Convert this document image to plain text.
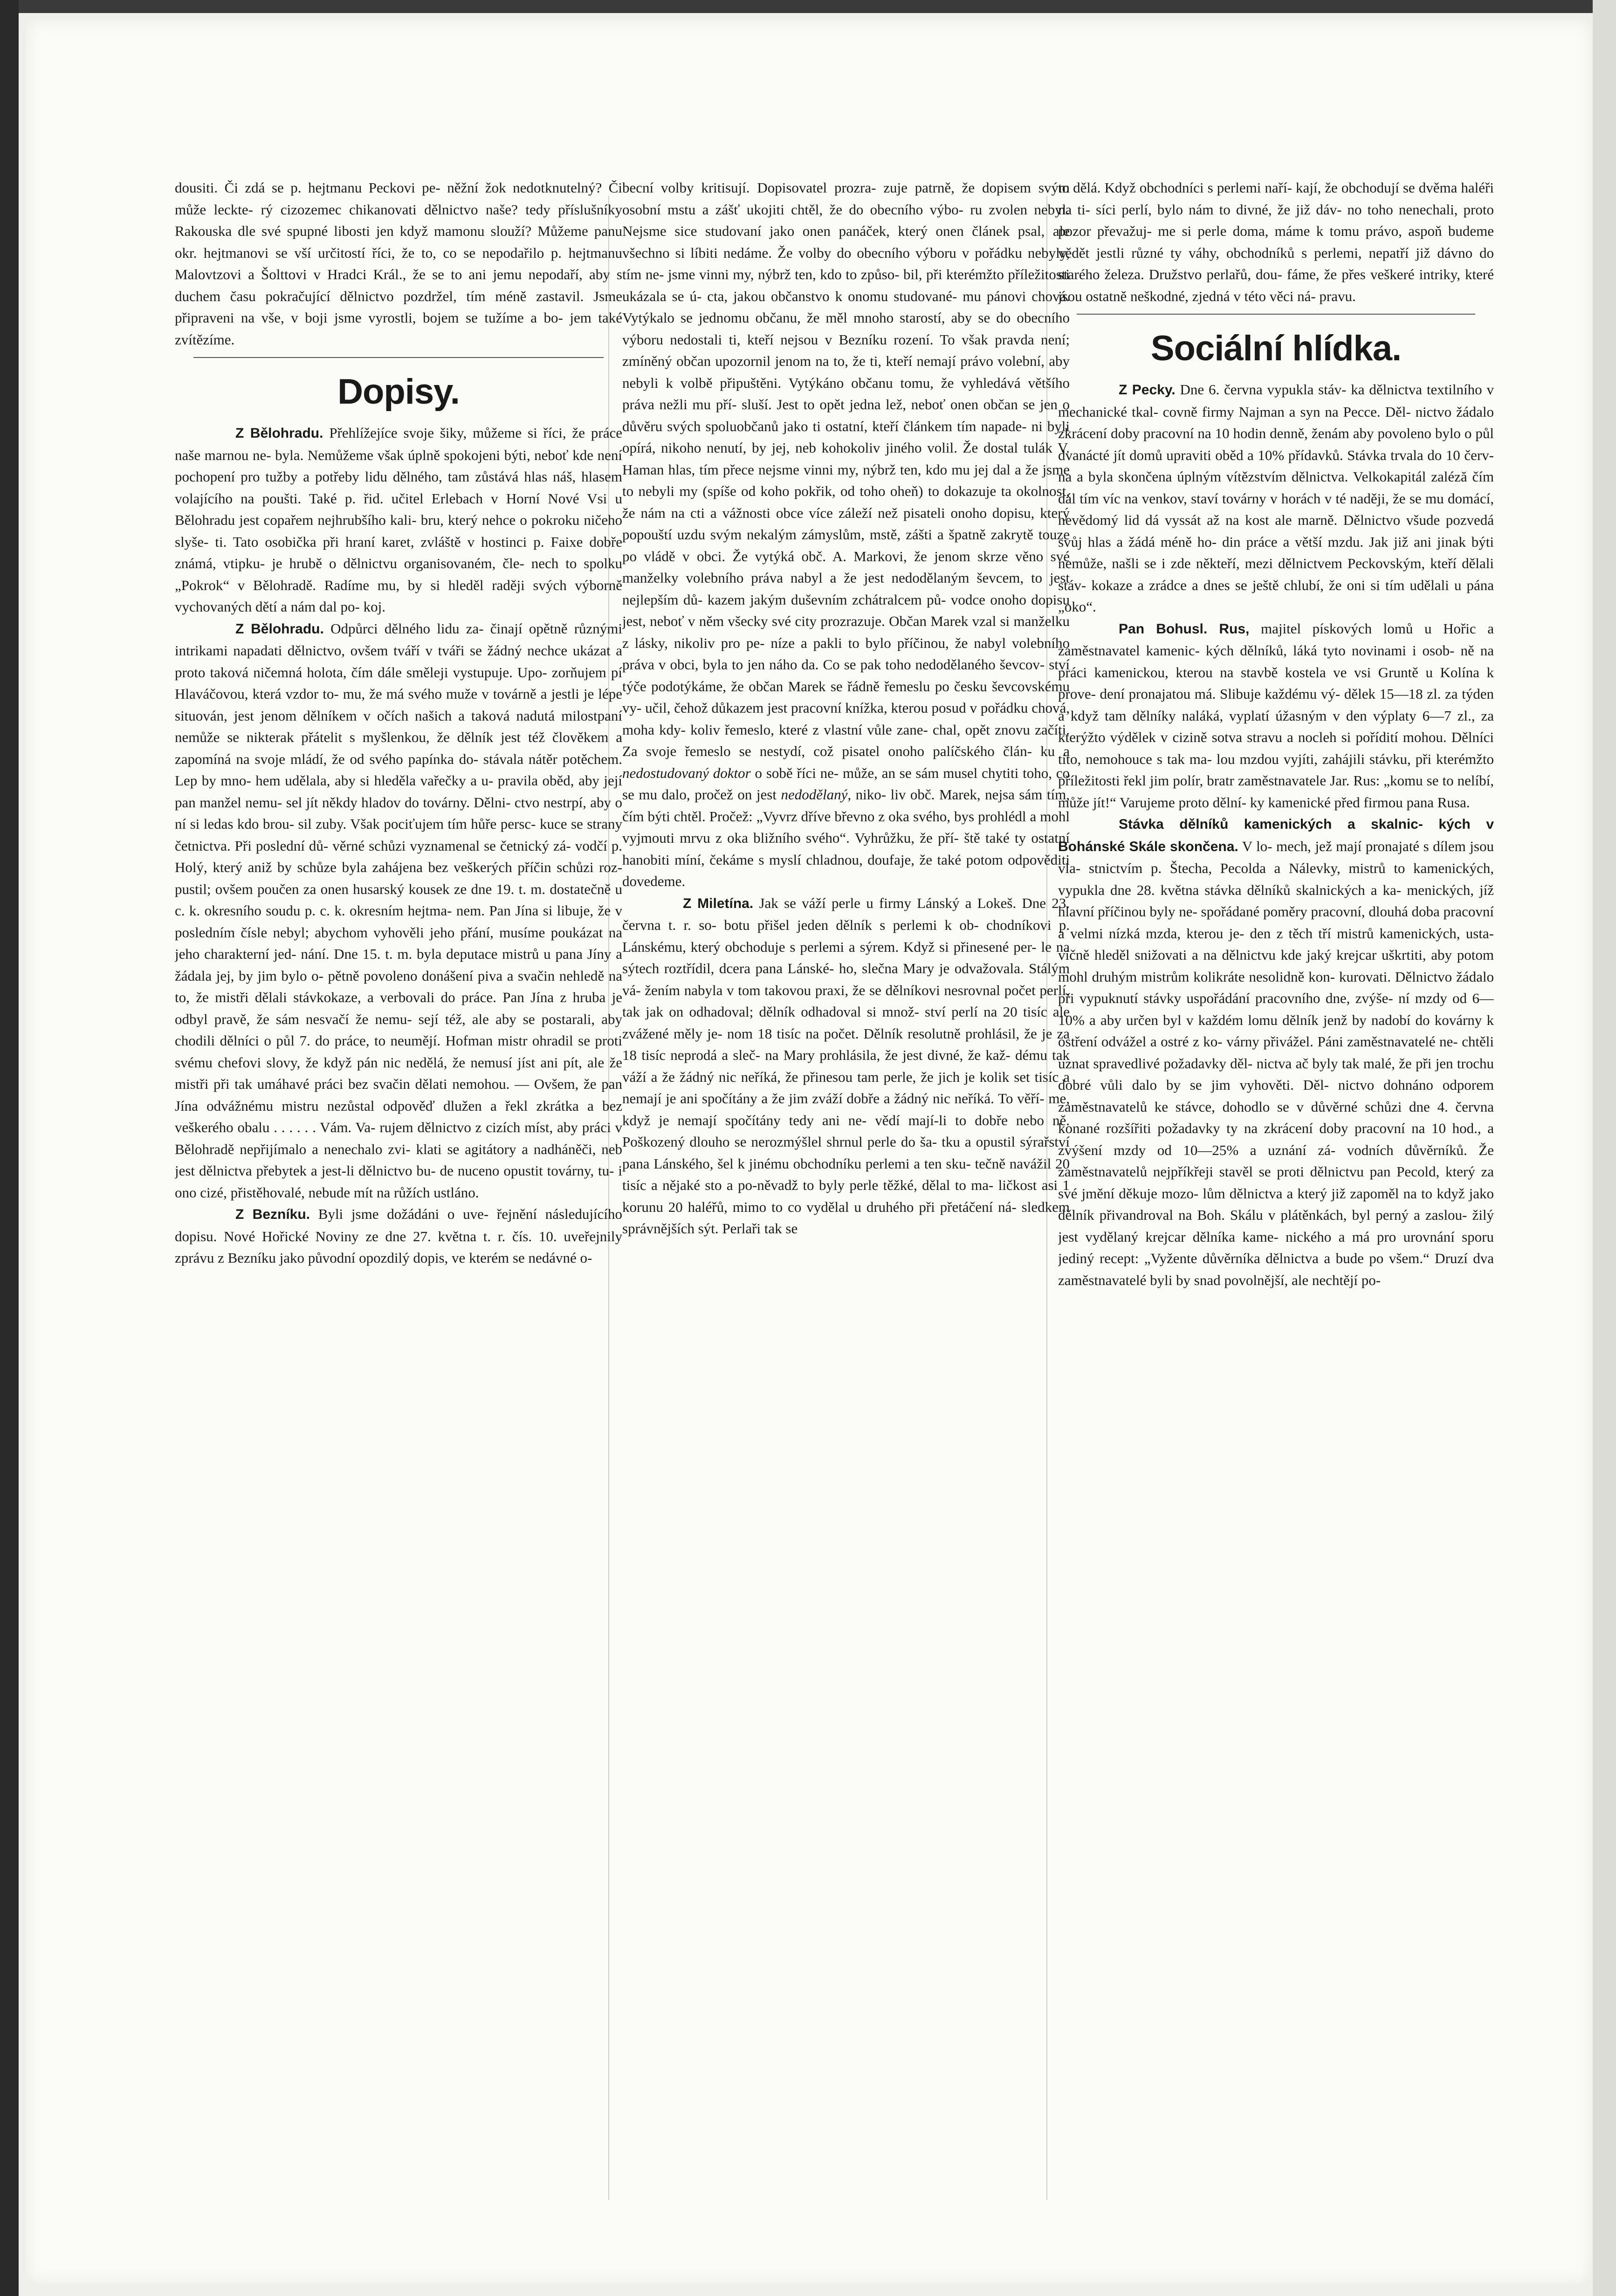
dousiti. Či zdá se p. hejtmanu Peckovi pe- něžní žok nedotknutelný? Či může leckte- rý cizozemec chikanovati dělnictvo naše? tedy příslušníky Rakouska dle své spupné libosti jen když mamonu slouží? Můžeme panu okr. hejtmanovi se vší určitostí říci, že to, co se nepodařilo p. hejtmanu Malovtzovi a Šolttovi v Hradci Král., že se to ani jemu nepodaří, aby s duchem času pokračující dělnictvo pozdržel, tím méně zastavil. Jsme připraveni na vše, v boji jsme vyrostli, bojem se tužíme a bo- jem také zvítězíme.

Dopisy.

Z Bělohradu. Přehlížejíce svoje šiky, můžeme si říci, že práce naše marnou ne- byla. Nemůžeme však úplně spokojeni býti, neboť kde není pochopení pro tužby a potřeby lidu dělného, tam zůstává hlas náš, hlasem volajícího na poušti. Také p. řid. učitel Erlebach v Horní Nové Vsi u Bělohradu jest copařem nejhrubšího kali- bru, který nehce o pokroku ničeho slyše- ti. Tato osobička při hraní karet, zvláště v hostinci p. Faixe dobře známá, vtipku- je hrubě o dělnictvu organisovaném, čle- nech to spolku „Pokrok“ v Bělohradě. Radíme mu, by si hleděl raději svých výborně vychovaných dětí a nám dal po- koj.

Z Bělohradu. Odpůrci dělného lidu za- činají opětně různými intrikami napadati dělnictvo, ovšem tváří v tváři se žádný nechce ukázat a proto taková ničemná holota, čím dále směleji vystupuje. Upo- zorňujem pí Hlaváčovou, která vzdor to- mu, že má svého muže v továrně a jestli je lépe situován, jest jenom dělníkem v očích našich a taková nadutá milostpaní nemůže se nikterak přátelit s myšlenkou, že dělník jest též člověkem a zapomíná na svoje mládí, že od svého papínka do- stávala nátěr potěchem. Lep by mno- hem udělala, aby si hleděla vařečky a u- pravila oběd, aby její pan manžel nemu- sel jít někdy hladov do továrny. Dělni- ctvo nestrpí, aby o ní si ledas kdo brou- sil zuby. Však pociťujem tím hůře persc- kuce se strany četnictva. Při poslední dů- věrné schůzi vyznamenal se četnický zá- vodčí p. Holý, který aniž by schůze byla zahájena bez veškerých příčin schůzi roz- pustil; ovšem poučen za onen husarský kousek ze dne 19. t. m. dostatečně u c. k. okresního soudu p. c. k. okresním hejtma- nem. Pan Jína si libuje, že v posledním čísle nebyl; abychom vyhověli jeho přání, musíme poukázat na jeho charakterní jed- nání. Dne 15. t. m. byla deputace mistrů u pana Jíny a žádala jej, by jim bylo o- pětně povoleno donášení piva a svačin nehledě na to, že mistři dělali stávkokaze, a verbovali do práce. Pan Jína z hruba je odbyl pravě, že sám nesvačí že nemu- sejí též, ale aby se postarali, aby chodili dělníci o půl 7. do práce, to neumějí. Hofman mistr ohradil se proti svému chefovi slovy, že když pán nic nedělá, že nemusí jíst ani pít, ale že mistři při tak umáhavé práci bez svačin dělati nemohou. — Ovšem, že pan Jína odvážnému mistru nezůstal odpověď dlužen a řekl zkrátka a bez veškerého obalu . . . . . . Vám. Va- rujem dělnictvo z cizích míst, aby práci v Bělohradě nepřijímalo a nenechalo zvi- klati se agitátory a nadháněči, neb jest dělnictva přebytek a jest-li dělnictvo bu- de nuceno opustit továrny, tu- i ono cizé, přistěhovalé, nebude mít na růžích ustláno.

Z Bezníku. Byli jsme dožádáni o uve- řejnění následujícího dopisu. Nové Hořické Noviny ze dne 27. května t. r. čís. 10. uveřejnily zprávu z Bezníku jako původní opozdilý dopis, ve kterém se nedávné o-

becní volby kritisují. Dopisovatel prozra- zuje patrně, že dopisem svým osobní mstu a zášť ukojiti chtěl, že do obecního výbo- ru zvolen nebyl. Nejsme sice studovaní jako onen panáček, který onen článek psal, ale všechno si líbiti nedáme. Že volby do obecního výboru v pořádku nebyly, tím ne- jsme vinni my, nýbrž ten, kdo to způso- bil, při kterémžto příležitosti ukázala se ú- cta, jakou občanstvo k onomu studované- mu pánovi chová. Vytýkalo se jednomu občanu, že měl mnoho starostí, aby se do obecního výboru nedostali ti, kteří nejsou v Bezníku rození. To však pravda není; zmíněný občan upozornil jenom na to, že ti, kteří nemají právo volební, aby nebyli k volbě připuštěni. Vytýkáno občanu tomu, že vyhledává většího práva nežli mu pří- sluší. Jest to opět jedna lež, neboť onen občan se jen o důvěru svých spoluobčanů jako ti ostatní, kteří článkem tím napade- ni byli opírá, nikoho nenutí, by jej, neb kohokoliv jiného volil. Že dostal tulák V. Haman hlas, tím přece nejsme vinni my, nýbrž ten, kdo mu jej dal a že jsme to nebyli my (spíše od koho pokřik, od toho oheň) to dokazuje ta okolnost, že nám na cti a vážnosti obce více záleží než pisateli onoho dopisu, který popouští uzdu svým nekalým zámyslům, mstě, zášti a špatně zakrytě touze po vládě v obci. Že vytýká obč. A. Markovi, že jenom skrze věno své manželky volebního práva nabyl a že jest nedodělaným ševcem, to jest nejlepším dů- kazem jakým duševním zchátralcem pů- vodce onoho dopisu jest, neboť v něm všecky své city prozrazuje. Občan Marek vzal si manželku z lásky, nikoliv pro pe- níze a pakli to bylo příčinou, že nabyl volebního práva v obci, byla to jen náho da. Co se pak toho nedodělaného ševcov- ství týče podotýkáme, že občan Marek se řádně řemeslu po česku ševcovskému vy- učil, čehož důkazem jest pracovní knížka, kterou posud v pořádku chová, moha kdy- koliv řemeslo, které z vlastní vůle zane- chal, opět znovu začíti. Za svoje řemeslo se nestydí, což pisatel onoho palíčského člán- ku a nedostudovaný doktor o sobě říci ne- může, an se sám musel chytiti toho, co se mu dalo, pročež on jest nedodělaný, niko- liv obč. Marek, nejsa sám tím, čím býti chtěl. Pročež: „Vyvrz dříve břevno z oka svého, bys prohlédl a mohl vyjmouti mrvu z oka bližního svého“. Vyhrůžku, že pří- ště také ty ostatní hanobiti míní, čekáme s myslí chladnou, doufaje, že také potom odpověditi dovedeme.

Z Miletína. Jak se váží perle u firmy Lánský a Lokeš. Dne 23. června t. r. so- botu přišel jeden dělník s perlemi k ob- chodníkovi p. Lánskému, který obchoduje s perlemi a sýrem. Když si přinesené per- le na sýtech roztřídil, dcera pana Lánské- ho, slečna Mary je odvažovala. Stálým vá- žením nabyla v tom takovou praxi, že se dělníkovi nesrovnal počet perlí, tak jak on odhadoval; dělník odhadoval si množ- ství perlí na 20 tisíc ale zvážené měly je- nom 18 tisíc na počet. Dělník resolutně prohlásil, že je za 18 tisíc neprodá a sleč- na Mary prohlásila, že jest divné, že kaž- dému tak váží a že žádný nic neříká, že přinesou tam perle, že jich je kolik set tisíc a nemají je ani spočítány a že jim zváží dobře a žádný nic neříká. To věří- me, když je nemají spočítány tedy ani ne- vědí mají-li to dobře nebo ně. Poškozený dlouho se nerozmýšlel shrnul perle do ša- tku a opustil sýrařství pana Lánského, šel k jinému obchodníku perlemi a ten sku- tečně navážil 20 tisíc a nějaké sto a po-něvadž to byly perle těžké, dělal to ma- ličkost asi 1 korunu 20 haléřů, mimo to co vydělal u druhého při přetáčení ná- sledkem správnějších sýt. Perlaři tak se

to dělá. Když obchodníci s perlemi naří- kají, že obchodují se dvěma haléři na ti- síci perlí, bylo nám to divné, že již dáv- no toho nenechali, proto pozor převažuj- me si perle doma, máme k tomu právo, aspoň budeme vědět jestli různé ty váhy, obchodníků s perlemi, nepatří již dávno do starého železa. Družstvo perlařů, dou- fáme, že přes veškeré intriky, které jsou ostatně neškodné, zjedná v této věci ná- pravu.

Sociální hlídka.

Z Pecky. Dne 6. června vypukla stáv- ka dělnictva textilního v mechanické tkal- covně firmy Najman a syn na Pecce. Děl- nictvo žádalo zkrácení doby pracovní na 10 hodin denně, ženám aby povoleno bylo o půl dvanácté jít domů upraviti oběd a 10% přídavků. Stávka trvala do 10 červ- na a byla skončena úplným vítězstvím dělnictva. Velkokapitál zaléză čím dál tím víc na venkov, staví továrny v horách v té naději, že se mu domácí, nevědomý lid dá vyssát až na kost ale marně. Dělnictvo všude pozvedá svůj hlas a žádá méně ho- din práce a větší mzdu. Jak již ani jinak býti nemůže, našli se i zde někteří, mezi dělnictvem Peckovským, kteří dělali stáv- kokaze a zrádce a dnes se ještě chlubí, že oni si tím udělali u pána „oko“.

Pan Bohusl. Rus, majitel pískových lomů u Hořic a zaměstnavatel kamenic- kých dělníků, láká tyto novinami i osob- ně na práci kamenickou, kterou na stavbě kostela ve vsi Gruntě u Kolína k prove- dení pronajatou má. Slibuje každému vý- dělek 15—18 zl. za týden a když tam dělníky naláká, vyplatí úžasným v den výplaty 6—7 zl., za kterýžto výdělek v cizině sotva stravu a nocleh si pořídití mohou. Dělníci tito, nemohouce s tak ma- lou mzdou vyjíti, zahájili stávku, při kterémžto příležitosti řekl jim polír, bratr zaměstnavatele Jar. Rus: „komu se to nelíbí, může jít!“ Varujeme proto dělní- ky kamenické před firmou pana Rusa.

Stávka dělníků kamenických a skalnic- kých v Bohánské Skále skončena. V lo- mech, jež mají pronajaté s dílem jsou vla- stnictvím p. Štecha, Pecolda a Nálevky, mistrů to kamenických, vypukla dne 28. května stávka dělníků skalnických a ka- menických, jíž hlavní příčinou byly ne- spořádané poměry pracovní, dlouhá doba pracovní a velmi nízká mzda, kterou je- den z těch tří mistrů kamenických, usta- vičně hleděl snižovati a na dělnictvu kde jaký krejcar uškrtiti, aby potom mohl druhým mistrům kolikráte nesolidně kon- kurovati. Dělnictvo žádalo při vypuknutí stávky uspořádání pracovního dne, zvýše- ní mzdy od 6—10% a aby určen byl v každém lomu dělník jenž by nadobí do kovárny k ostření odvážel a ostré z ko- várny přivážel. Páni zaměstnavatelé ne- chtěli uznat spravedlivé požadavky děl- nictva ač byly tak malé, že při jen trochu dobré vůli dalo by se jim vyhověti. Děl- nictvo dohnáno odporem zaměstnavatelů ke stávce, dohodlo se v důvěrné schůzi dne 4. června konané rozšířiti požadavky ty na zkrácení doby pracovní na 10 hod., a zvýšení mzdy od 10—25% a uznání zá- vodních důvěrníků. Že zaměstnavatelů nejpříkřeji stavěl se proti dělnictvu pan Pecold, který za své jmění děkuje mozo- lům dělnictva a který již zapoměl na to když jako dělník přivandroval na Boh. Skálu v plátěnkách, byl perný a zaslou- žilý jest vydělaný krejcar dělníka kame- nického a má pro urovnání sporu jediný recept: „Vyžente důvěrníka dělnictva a bude po všem.“ Druzí dva zaměstnavatelé byli by snad povolnější, ale nechtějí po-
